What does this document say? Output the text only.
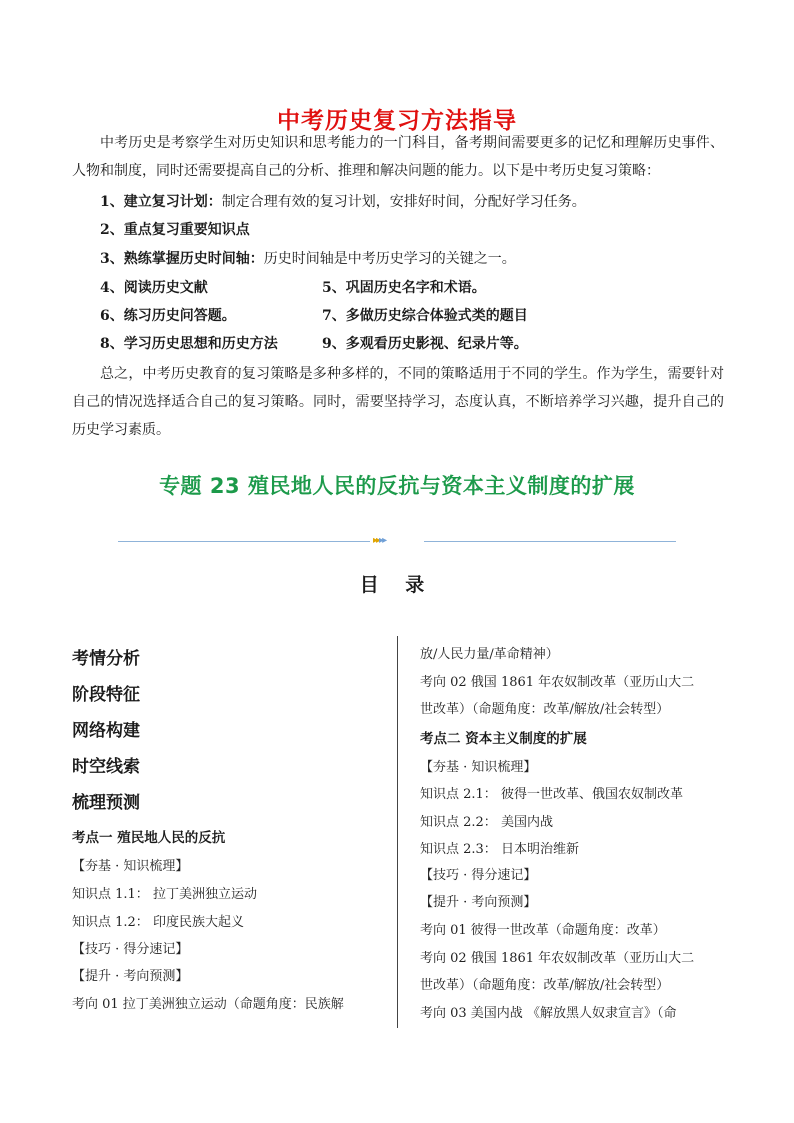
中考历史复习方法指导
中考历史是考察学生对历史知识和思考能力的一门科目，备考期间需要更多的记忆和理解历史事件、人物和制度，同时还需要提高自己的分析、推理和解决问题的能力。以下是中考历史复习策略：
1、建立复习计划：制定合理有效的复习计划，安排好时间，分配好学习任务。
2、重点复习重要知识点
3、熟练掌握历史时间轴：历史时间轴是中考历史学习的关键之一。
4、阅读历史文献	5、巩固历史名字和术语。
6、练习历史问答题。	7、多做历史综合体验式类的题目
8、学习历史思想和历史方法	9、多观看历史影视、纪录片等。
总之，中考历史教育的复习策略是多种多样的，不同的策略适用于不同的学生。作为学生，需要针对自己的情况选择适合自己的复习策略。同时，需要坚持学习，态度认真，不断培养学习兴趣，提升自己的历史学习素质。
专题 23 殖民地人民的反抗与资本主义制度的扩展
▸▸▸▸
目 录
考情分析
阶段特征
网络构建
时空线索
梳理预测
考点一 殖民地人民的反抗
【夯基 · 知识梳理】
知识点 1.1： 拉丁美洲独立运动
知识点 1.2： 印度民族大起义
【技巧 · 得分速记】
【提升 · 考向预测】
考向 01 拉丁美洲独立运动（命题角度：民族解
放/人民力量/革命精神）
考向 02 俄国 1861 年农奴制改革（亚历山大二
世改革）（命题角度：改革/解放/社会转型）
考点二 资本主义制度的扩展
【夯基 · 知识梳理】
知识点 2.1： 彼得一世改革、俄国农奴制改革
知识点 2.2： 美国内战
知识点 2.3： 日本明治维新
【技巧 · 得分速记】
【提升 · 考向预测】
考向 01 彼得一世改革（命题角度：改革）
考向 02 俄国 1861 年农奴制改革（亚历山大二
世改革）（命题角度：改革/解放/社会转型）
考向 03 美国内战 《解放黑人奴隶宣言》（命
